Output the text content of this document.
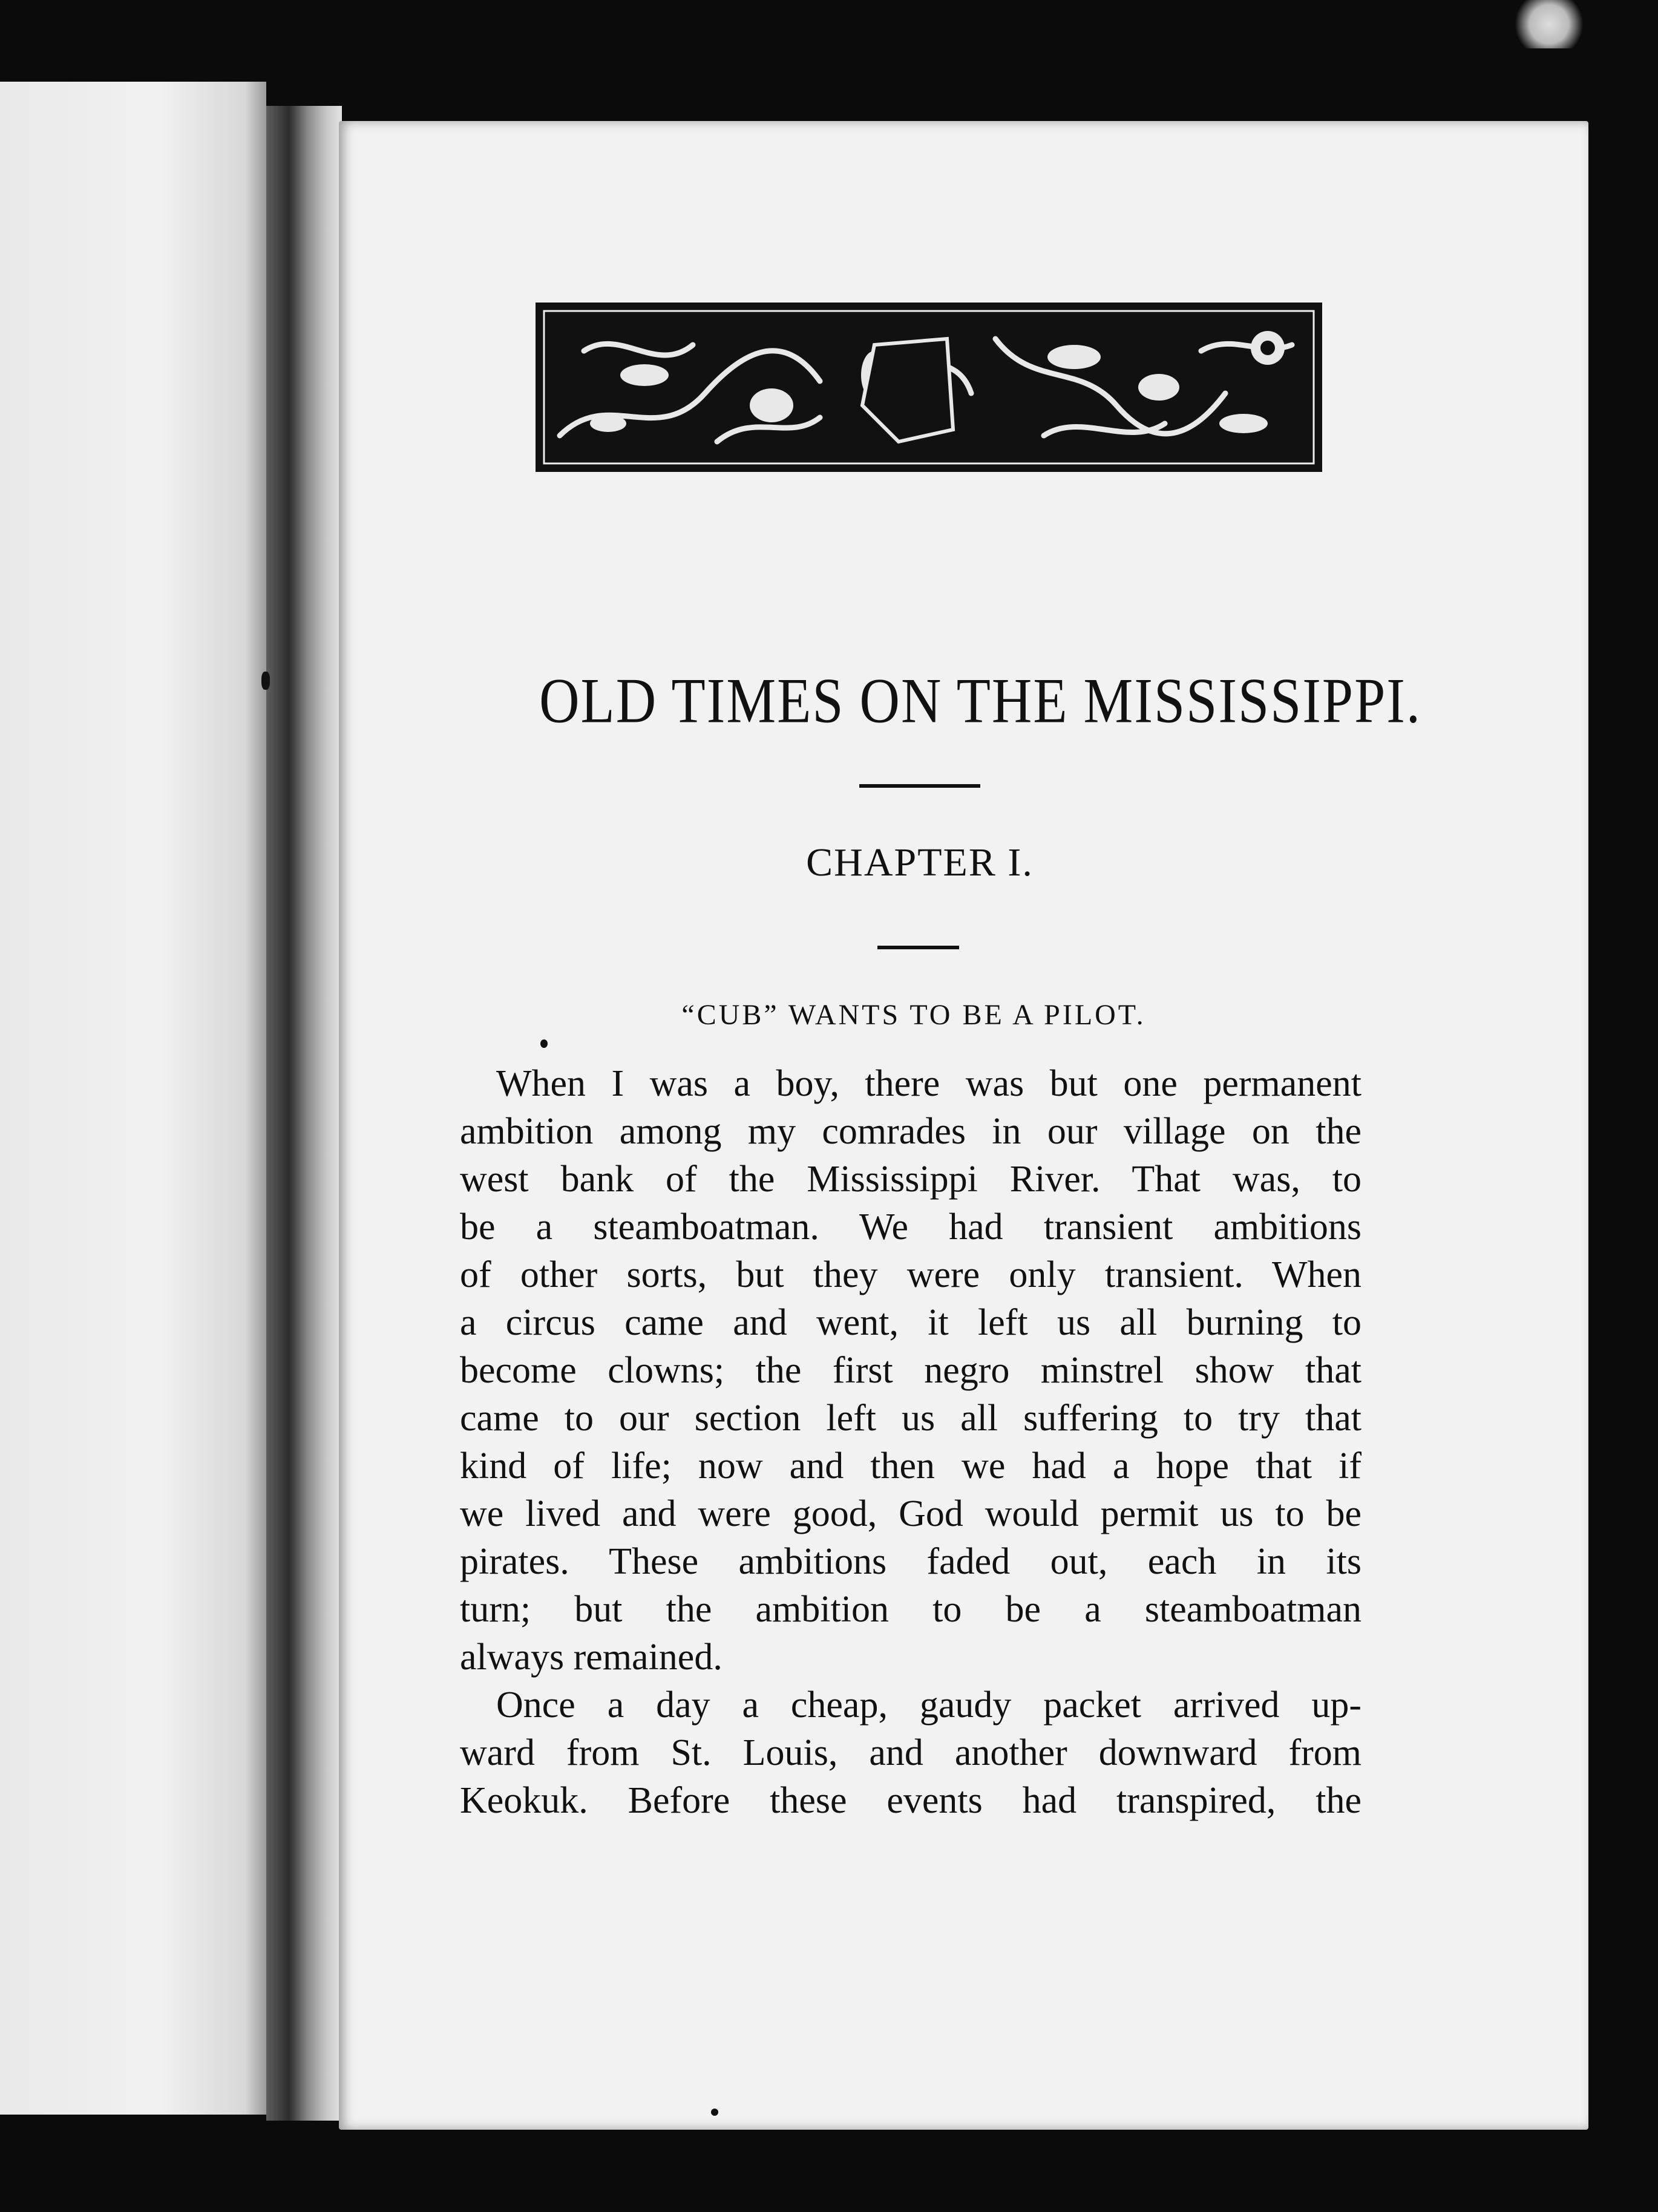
OLD TIMES ON THE MISSISSIPPI.
CHAPTER I.
“CUB” WANTS TO BE A PILOT.
When I was a boy, there was but one permanent
ambition among my comrades in our village on the
west bank of the Mississippi River. That was, to
be a steamboatman. We had transient ambitions
of other sorts, but they were only transient. When
a circus came and went, it left us all burning to
become clowns; the first negro minstrel show that
came to our section left us all suffering to try that
kind of life; now and then we had a hope that if
we lived and were good, God would permit us to be
pirates. These ambitions faded out, each in its
turn; but the ambition to be a steamboatman
always remained.
Once a day a cheap, gaudy packet arrived up-
ward from St. Louis, and another downward from
Keokuk. Before these events had transpired, the
